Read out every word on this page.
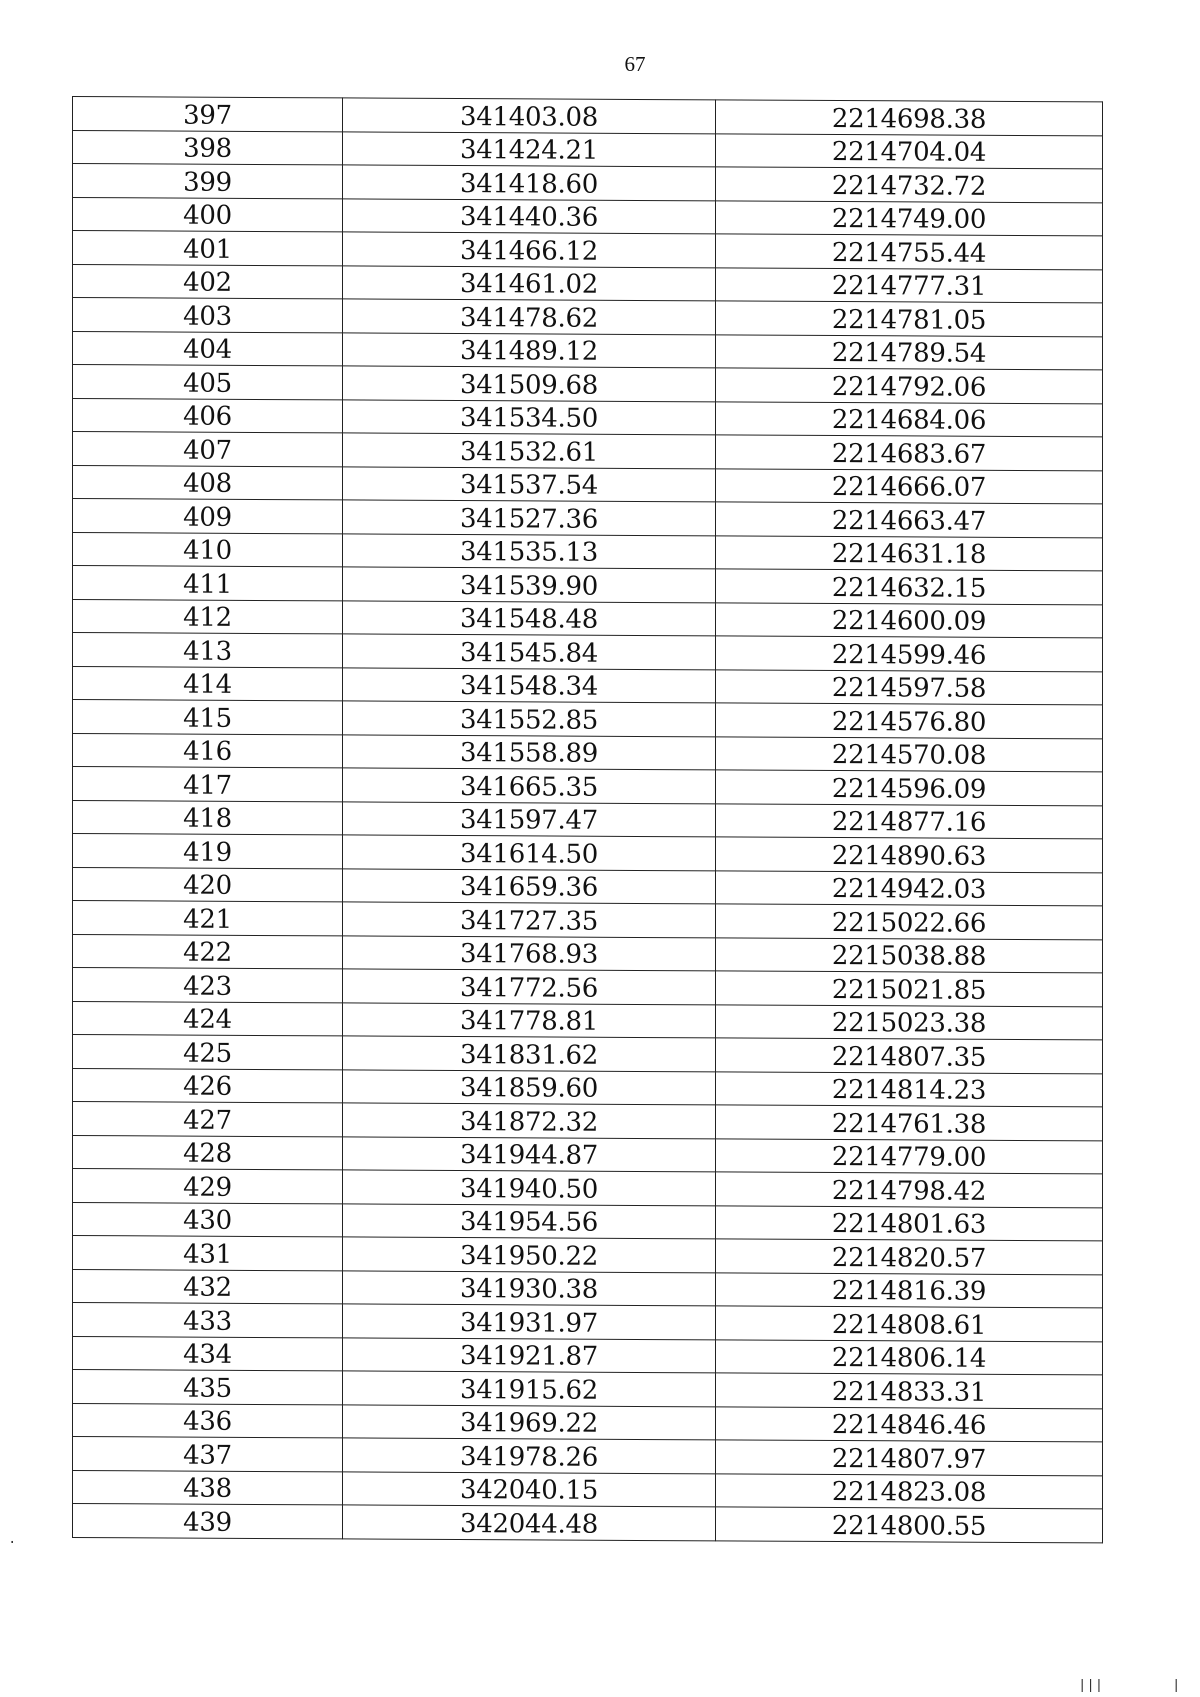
67
397	341403.08	2214698.38
398	341424.21	2214704.04
399	341418.60	2214732.72
400	341440.36	2214749.00
401	341466.12	2214755.44
402	341461.02	2214777.31
403	341478.62	2214781.05
404	341489.12	2214789.54
405	341509.68	2214792.06
406	341534.50	2214684.06
407	341532.61	2214683.67
408	341537.54	2214666.07
409	341527.36	2214663.47
410	341535.13	2214631.18
411	341539.90	2214632.15
412	341548.48	2214600.09
413	341545.84	2214599.46
414	341548.34	2214597.58
415	341552.85	2214576.80
416	341558.89	2214570.08
417	341665.35	2214596.09
418	341597.47	2214877.16
419	341614.50	2214890.63
420	341659.36	2214942.03
421	341727.35	2215022.66
422	341768.93	2215038.88
423	341772.56	2215021.85
424	341778.81	2215023.38
425	341831.62	2214807.35
426	341859.60	2214814.23
427	341872.32	2214761.38
428	341944.87	2214779.00
429	341940.50	2214798.42
430	341954.56	2214801.63
431	341950.22	2214820.57
432	341930.38	2214816.39
433	341931.97	2214808.61
434	341921.87	2214806.14
435	341915.62	2214833.31
436	341969.22	2214846.46
437	341978.26	2214807.97
438	342040.15	2214823.08
439	342044.48	2214800.55
·
|||	|
